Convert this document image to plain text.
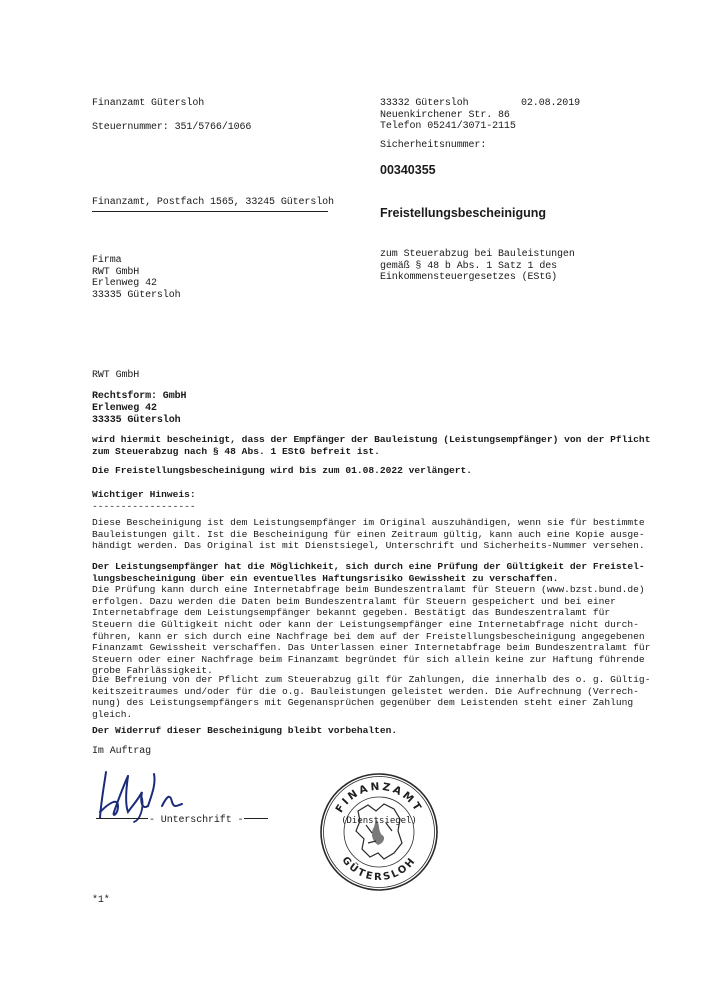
Finanzamt Gütersloh
Steuernummer: 351/5766/1066
33332 Gütersloh	02.08.2019
Neuenkirchener Str. 86
Telefon 05241/3071-2115
Sicherheitsnummer:
00340355
Finanzamt, Postfach 1565, 33245 Gütersloh
Freistellungsbescheinigung
zum Steuerabzug bei Bauleistungen
gemäß § 48 b Abs. 1 Satz 1 des
Einkommensteuergesetzes (EStG)
Firma
RWT GmbH
Erlenweg 42
33335 Gütersloh
RWT GmbH
Rechtsform: GmbH
Erlenweg 42
33335 Gütersloh
wird hiermit bescheinigt, dass der Empfänger der Bauleistung (Leistungsempfänger) von der Pflicht
zum Steuerabzug nach § 48 Abs. 1 EStG befreit ist.
Die Freistellungsbescheinigung wird bis zum 01.08.2022 verlängert.
Wichtiger Hinweis:
------------------
Diese Bescheinigung ist dem Leistungsempfänger im Original auszuhändigen, wenn sie für bestimmte
Bauleistungen gilt. Ist die Bescheinigung für einen Zeitraum gültig, kann auch eine Kopie ausge-
händigt werden. Das Original ist mit Dienstsiegel, Unterschrift und Sicherheits-Nummer versehen.
Der Leistungsempfänger hat die Möglichkeit, sich durch eine Prüfung der Gültigkeit der Freistel-
lungsbescheinigung über ein eventuelles Haftungsrisiko Gewissheit zu verschaffen.
Die Prüfung kann durch eine Internetabfrage beim Bundeszentralamt für Steuern (www.bzst.bund.de)
erfolgen. Dazu werden die Daten beim Bundeszentralamt für Steuern gespeichert und bei einer
Internetabfrage dem Leistungsempfänger bekannt gegeben. Bestätigt das Bundeszentralamt für
Steuern die Gültigkeit nicht oder kann der Leistungsempfänger eine Internetabfrage nicht durch-
führen, kann er sich durch eine Nachfrage bei dem auf der Freistellungsbescheinigung angegebenen
Finanzamt Gewissheit verschaffen. Das Unterlassen einer Internetabfrage beim Bundeszentralamt für
Steuern oder einer Nachfrage beim Finanzamt begründet für sich allein keine zur Haftung führende
grobe Fahrlässigkeit.
Die Befreiung von der Pflicht zum Steuerabzug gilt für Zahlungen, die innerhalb des o. g. Gültig-
keitszeitraumes und/oder für die o.g. Bauleistungen geleistet werden. Die Aufrechnung (Verrech-
nung) des Leistungsempfängers mit Gegenansprüchen gegenüber dem Leistenden steht einer Zahlung
gleich.
Der Widerruf dieser Bescheinigung bleibt vorbehalten.
Im Auftrag
- Unterschrift -
FINANZAMT
GÜTERSLOH
(Dienstsiegel)
*1*
